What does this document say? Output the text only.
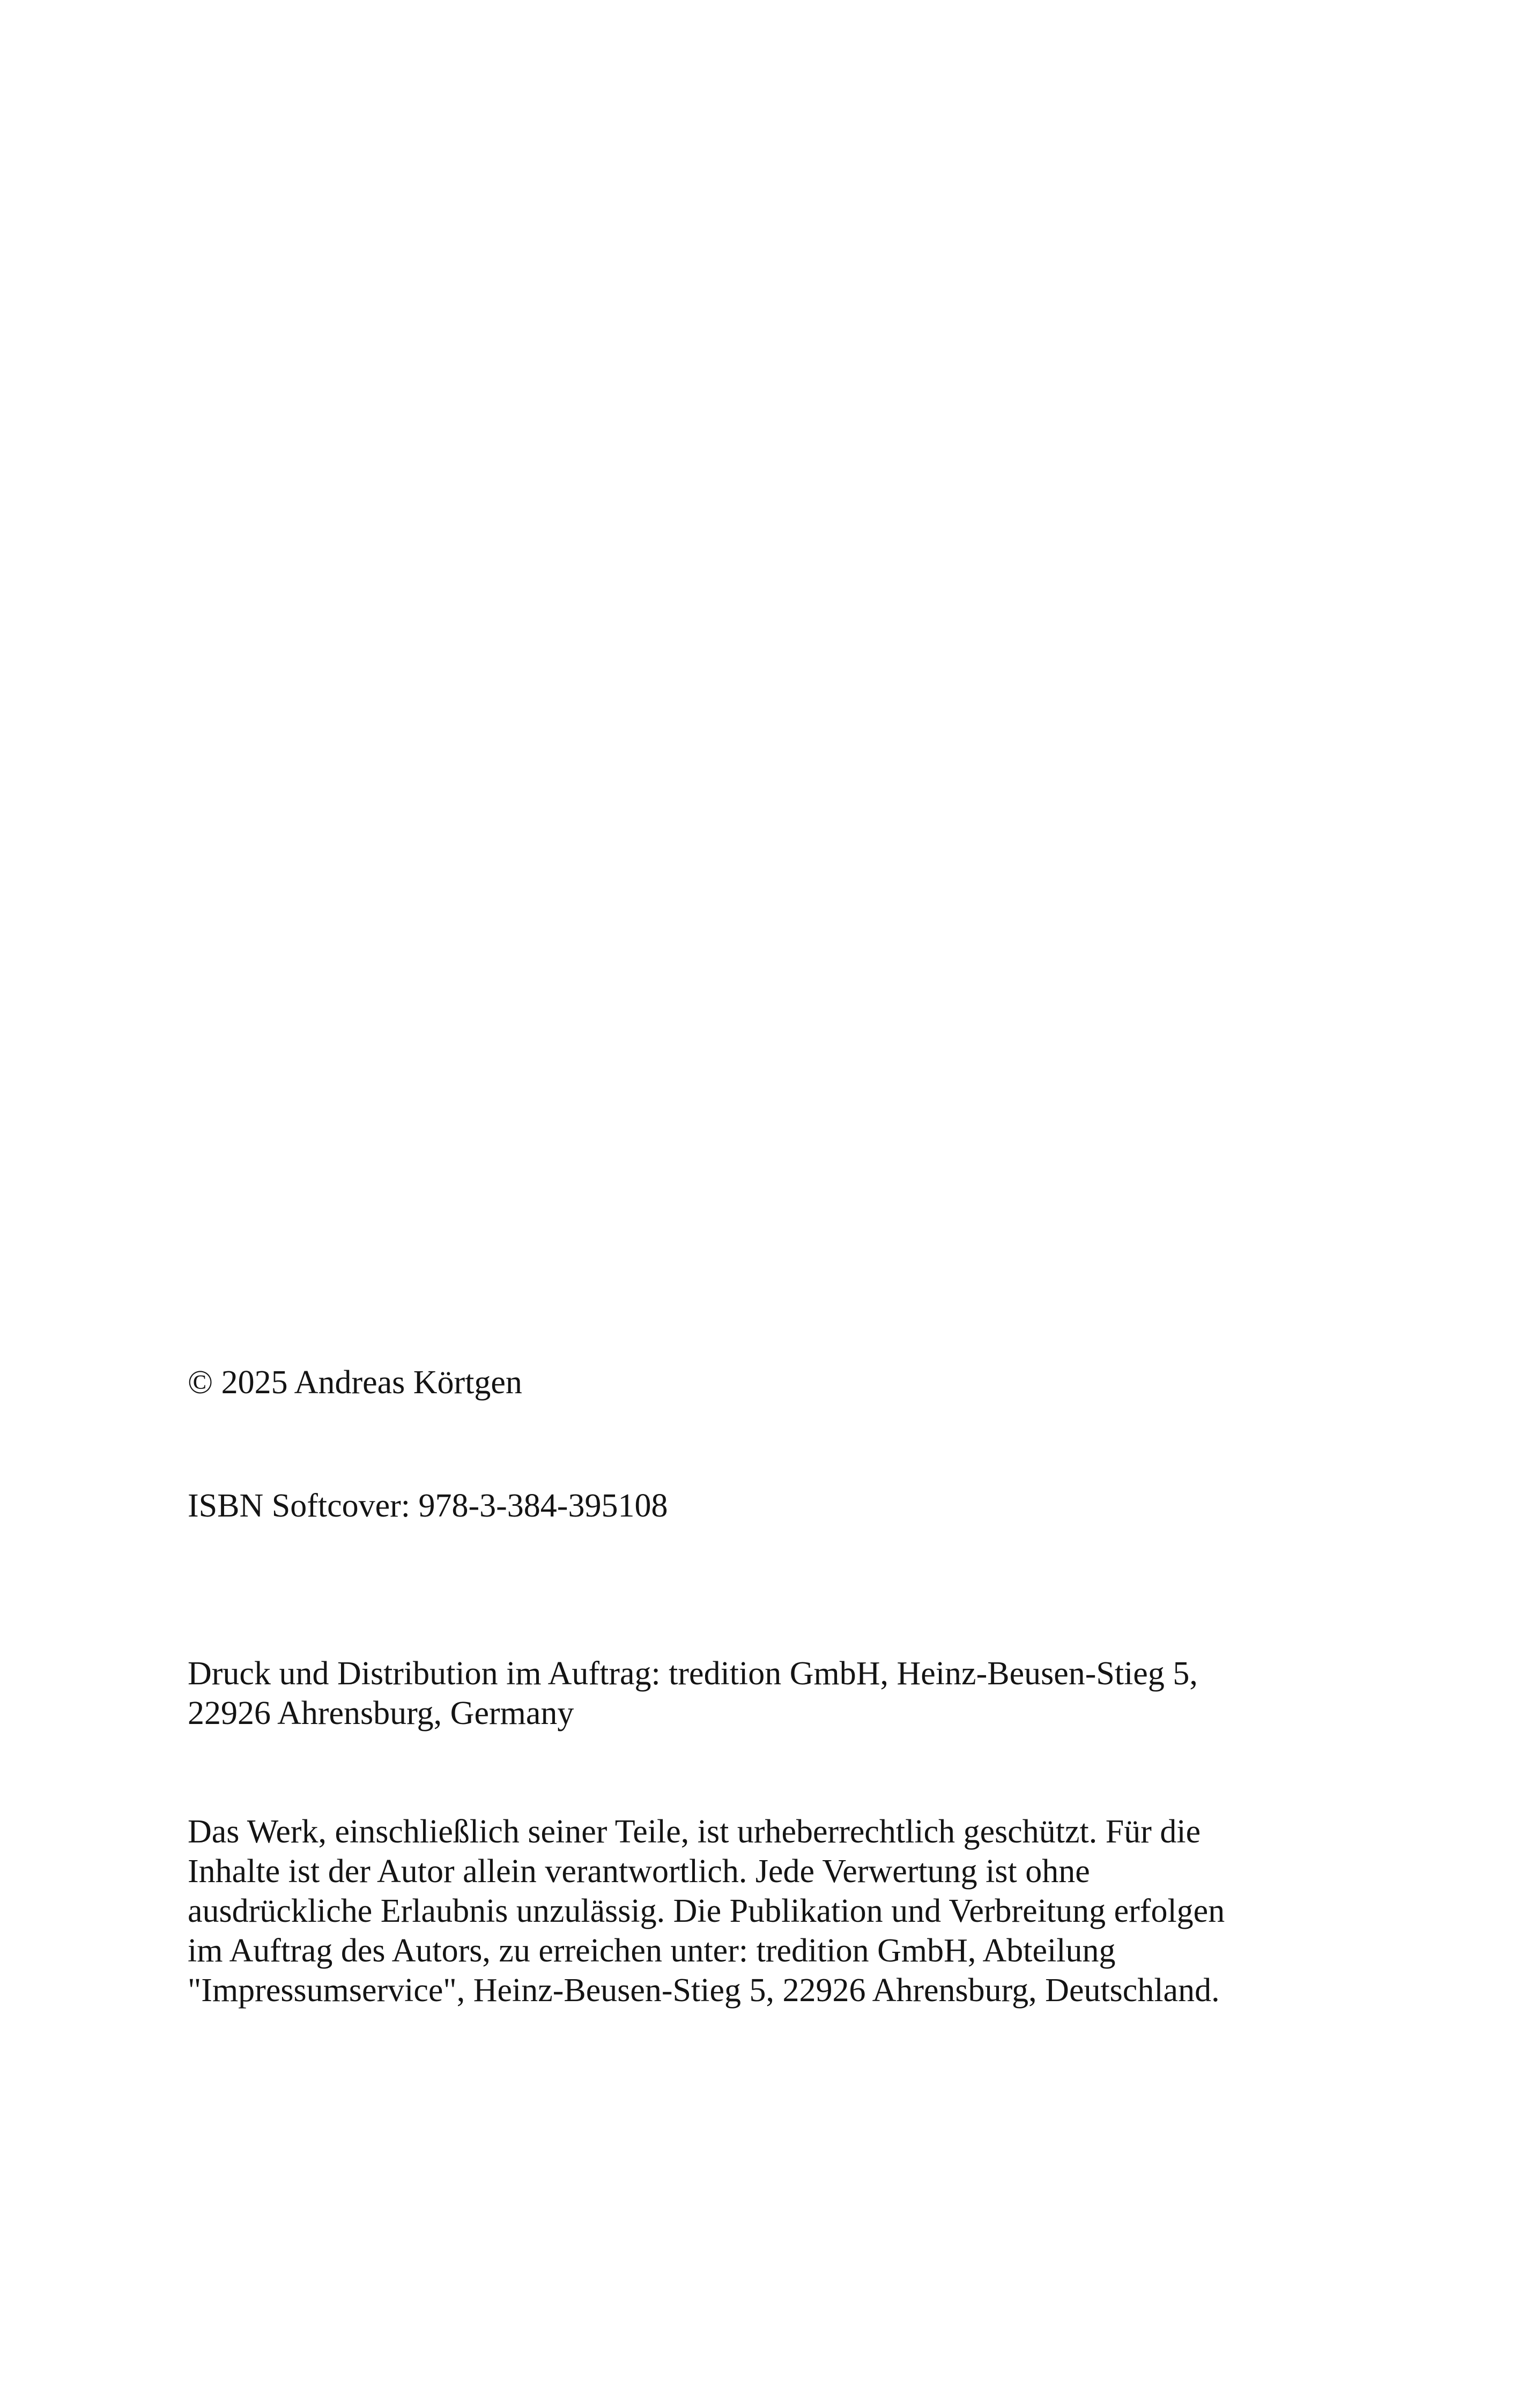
© 2025 Andreas Körtgen

ISBN Softcover: 978-3-384-395108

Druck und Distribution im Auftrag: tredition GmbH, Heinz-Beusen-Stieg 5,
22926 Ahrensburg, Germany

Das Werk, einschließlich seiner Teile, ist urheberrechtlich geschützt. Für die
Inhalte ist der Autor allein verantwortlich. Jede Verwertung ist ohne
ausdrückliche Erlaubnis unzulässig. Die Publikation und Verbreitung erfolgen
im Auftrag des Autors, zu erreichen unter: tredition GmbH, Abteilung
"Impressumservice", Heinz-Beusen-Stieg 5, 22926 Ahrensburg, Deutschland.
